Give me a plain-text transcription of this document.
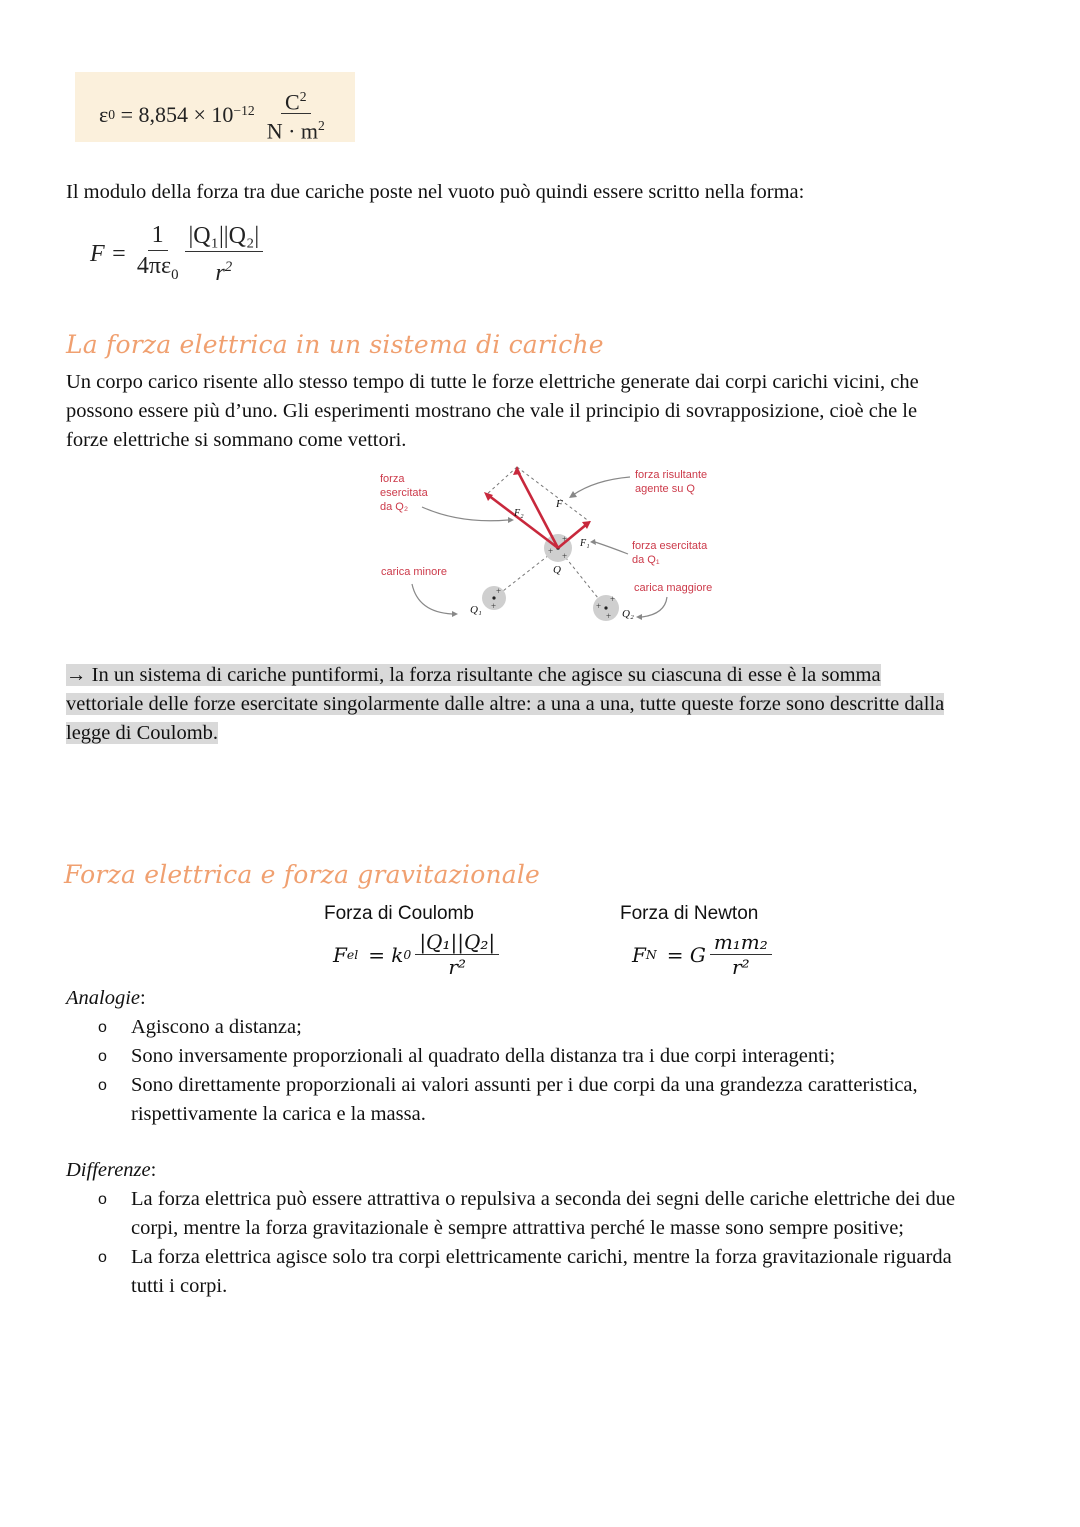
ε $0 = 8,854 \times 10^{-12} \frac{C^2}{N \cdot m^2}$
Il modulo della forza tra due cariche poste nel vuoto può quindi essere scritto nella forma:
$F = \frac{1}{4\pi\varepsilon_0} \frac{\text{|Q₁||Q₂|}}{r^2}$
La forza elettrica in un sistema di cariche
Un corpo carico risente allo stesso tempo di tutte le forze elettriche generate dai corpi carichi vicini, che
possono essere più d’uno. Gli esperimenti mostrano che vale il principio di sovrapposizione, cioè che le
forze elettriche si sommano come vettori.
+
+
+
+
+	+
+
+
forza
esercitata
da Q₂
forza risultante
agente su Q
forza esercitata
da Q₁
carica minore
carica maggiore
F
F₂
F₁
Q
Q₁	Q₂
→ In un sistema di cariche puntiformi, la forza risultante che agisce su ciascuna di esse è la somma
vettoriale delle forze esercitate singolarmente dalle altre: a una a una, tutte queste forze sono descritte dalla
legge di Coulomb.
Forza elettrica e forza gravitazionale
Forza di Coulomb	Forza di Newton
F el = k $0 \frac{\text{|Q₁||Q₂|}}{\text{r²}}$	F N = G $\frac{\text{m₁m₂}}{\text{r²}}$
Analogie:
o Agiscono a distanza;
o Sono inversamente proporzionali al quadrato della distanza tra i due corpi interagenti;
o Sono direttamente proporzionali ai valori assunti per i due corpi da una grandezza caratteristica,
rispettivamente la carica e la massa.
Differenze:
o La forza elettrica può essere attrattiva o repulsiva a seconda dei segni delle cariche elettriche dei due
corpi, mentre la forza gravitazionale è sempre attrattiva perché le masse sono sempre positive;
o La forza elettrica agisce solo tra corpi elettricamente carichi, mentre la forza gravitazionale riguarda
tutti i corpi.
